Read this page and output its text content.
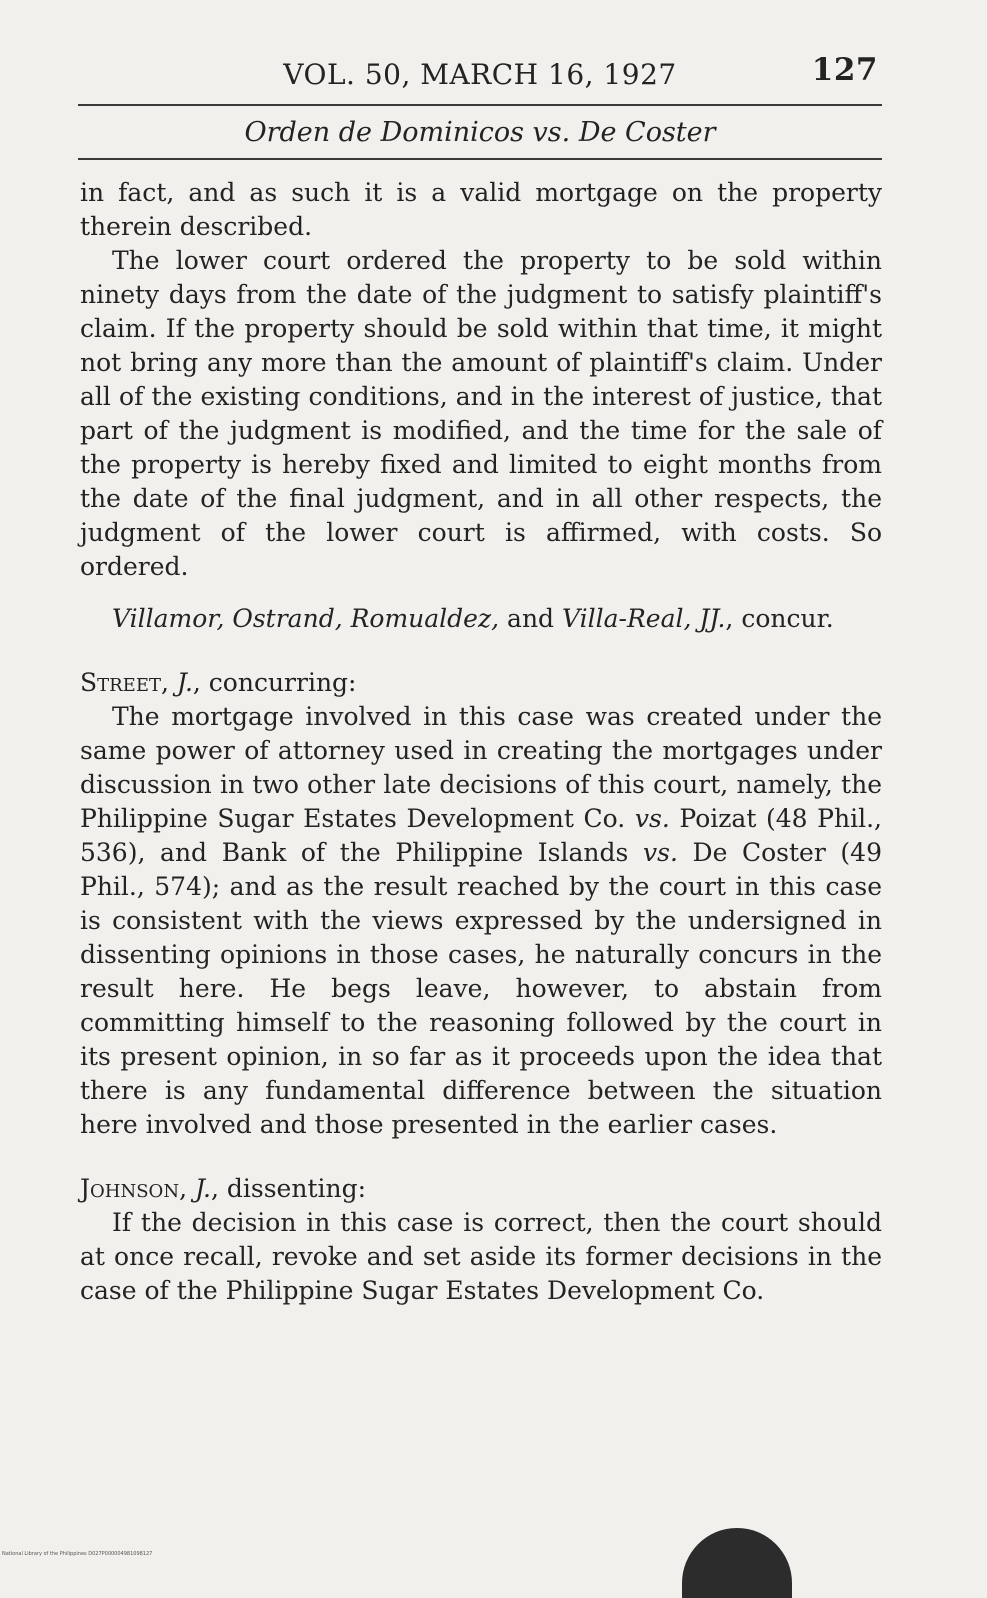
VOL. 50, MARCH 16, 1927	127
Orden de Dominicos vs. De Coster

in fact, and as such it is a valid mortgage on the property therein described.

The lower court ordered the property to be sold within ninety days from the date of the judgment to satisfy plaintiff's claim. If the property should be sold within that time, it might not bring any more than the amount of plaintiff's claim. Under all of the existing conditions, and in the interest of justice, that part of the judgment is modified, and the time for the sale of the property is hereby fixed and limited to eight months from the date of the final judgment, and in all other respects, the judgment of the lower court is affirmed, with costs. So ordered.

Villamor, Ostrand, Romualdez, and Villa-Real, JJ., concur.

Street, J., concurring:

The mortgage involved in this case was created under the same power of attorney used in creating the mortgages under discussion in two other late decisions of this court, namely, the Philippine Sugar Estates Development Co. vs. Poizat (48 Phil., 536), and Bank of the Philippine Islands vs. De Coster (49 Phil., 574); and as the result reached by the court in this case is consistent with the views expressed by the undersigned in dissenting opinions in those cases, he naturally concurs in the result here. He begs leave, however, to abstain from committing himself to the reasoning followed by the court in its present opinion, in so far as it proceeds upon the idea that there is any fundamental difference between the situation here involved and those presented in the earlier cases.

Johnson, J., dissenting:

If the decision in this case is correct, then the court should at once recall, revoke and set aside its former decisions in the case of the Philippine Sugar Estates Development Co.

National Library of the Philippines D027P000004981098127
